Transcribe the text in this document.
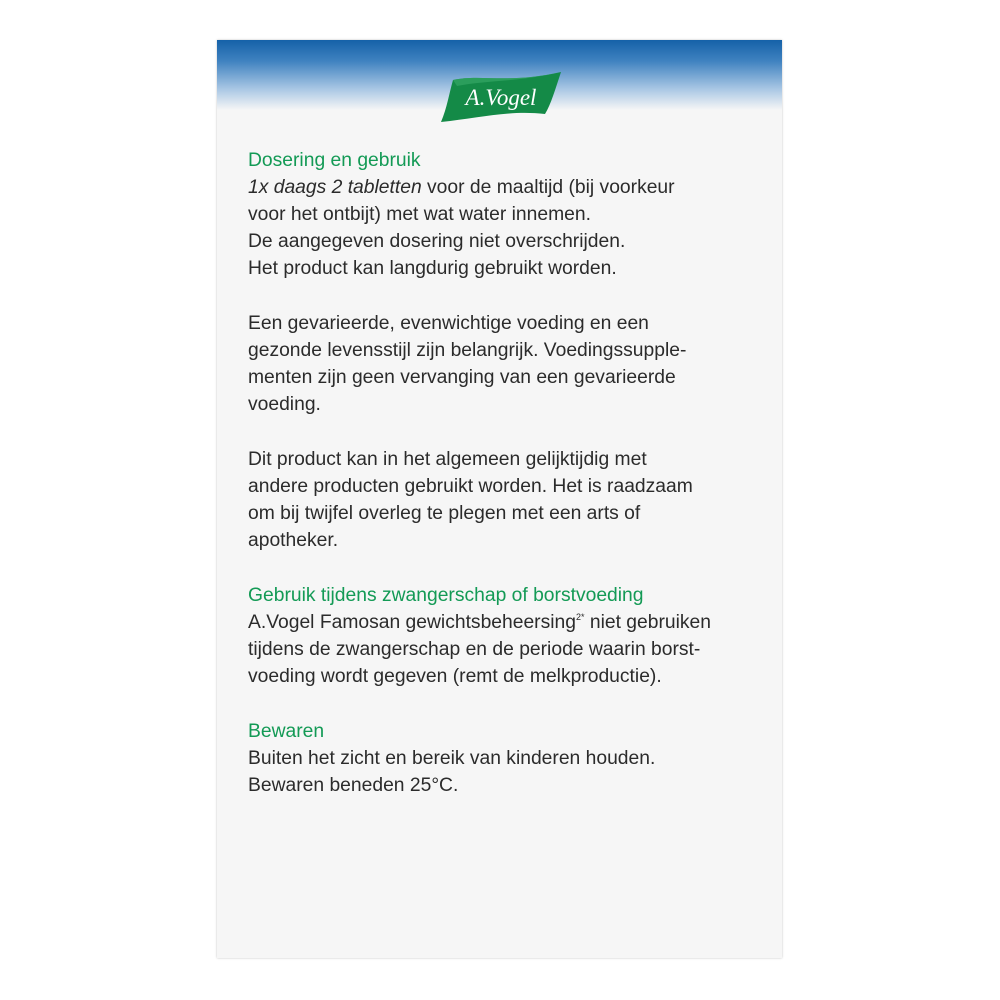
A.Vogel
Dosering en gebruik
1x daags 2 tabletten voor de maaltijd (bij voorkeur
voor het ontbijt) met wat water innemen.
De aangegeven dosering niet overschrijden.
Het product kan langdurig gebruikt worden.
Een gevarieerde, evenwichtige voeding en een
gezonde levensstijl zijn belangrijk. Voedingssupple-
menten zijn geen vervanging van een gevarieerde
voeding.
Dit product kan in het algemeen gelijktijdig met
andere producten gebruikt worden. Het is raadzaam
om bij twijfel overleg te plegen met een arts of
apotheker.
Gebruik tijdens zwangerschap of borstvoeding
A.Vogel Famosan gewichtsbeheersing$^{2*}$ niet gebruiken
tijdens de zwangerschap en de periode waarin borst-
voeding wordt gegeven (remt de melkproductie).
Bewaren
Buiten het zicht en bereik van kinderen houden.
Bewaren beneden 25°C.
